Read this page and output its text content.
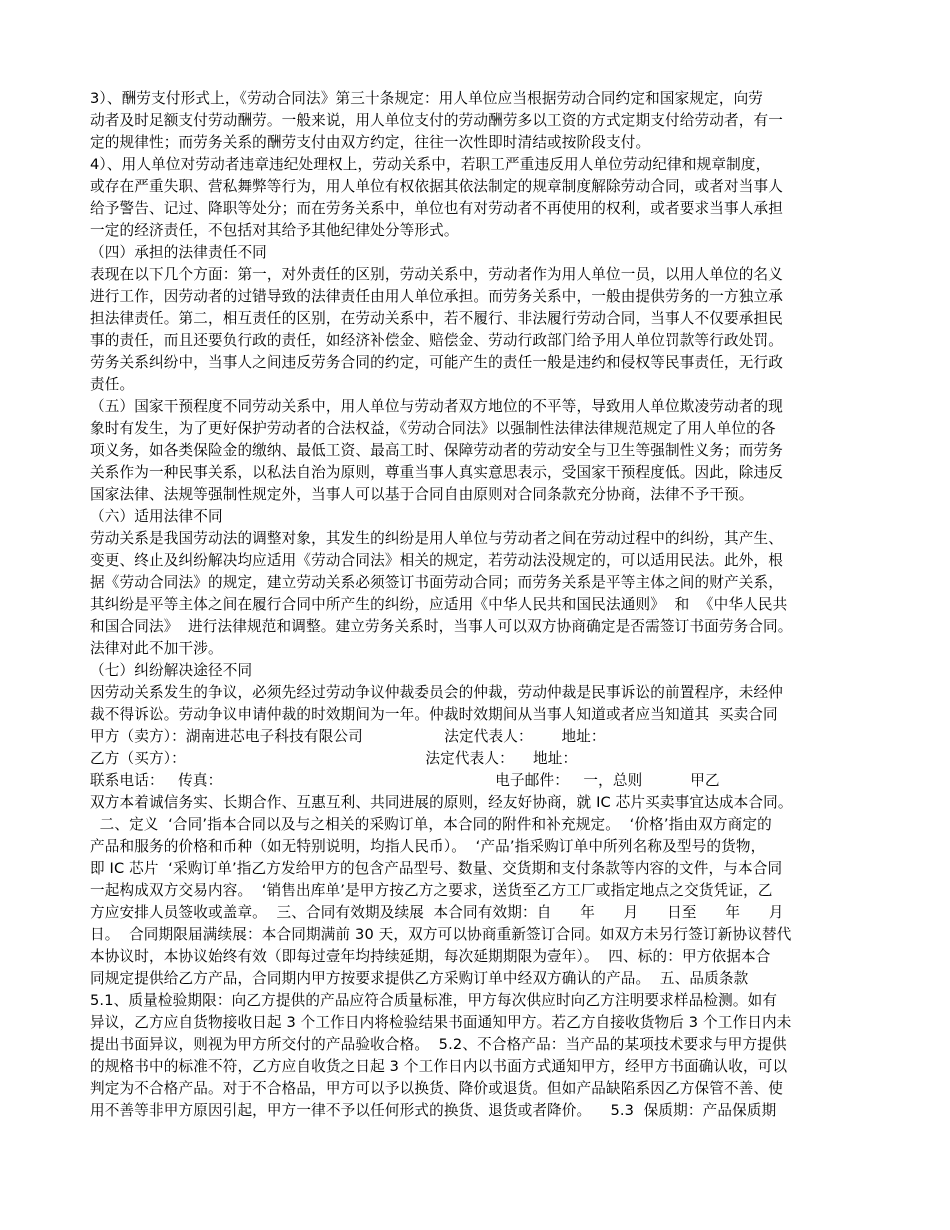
3）、酬劳支付形式上，《劳动合同法》第三十条规定：用人单位应当根据劳动合同约定和国家规定，向劳
动者及时足额支付劳动酬劳。一般来说，用人单位支付的劳动酬劳多以工资的方式定期支付给劳动者，有一
定的规律性；而劳务关系的酬劳支付由双方约定，往往一次性即时清结或按阶段支付。
4）、用人单位对劳动者违章违纪处理权上，劳动关系中，若职工严重违反用人单位劳动纪律和规章制度，
或存在严重失职、营私舞弊等行为，用人单位有权依据其依法制定的规章制度解除劳动合同，或者对当事人
给予警告、记过、降职等处分；而在劳务关系中，单位也有对劳动者不再使用的权利，或者要求当事人承担
一定的经济责任，不包括对其给予其他纪律处分等形式。
（四）承担的法律责任不同
表现在以下几个方面：第一，对外责任的区别，劳动关系中，劳动者作为用人单位一员，以用人单位的名义
进行工作，因劳动者的过错导致的法律责任由用人单位承担。而劳务关系中，一般由提供劳务的一方独立承
担法律责任。第二，相互责任的区别，在劳动关系中，若不履行、非法履行劳动合同，当事人不仅要承担民
事的责任，而且还要负行政的责任，如经济补偿金、赔偿金、劳动行政部门给予用人单位罚款等行政处罚。
劳务关系纠纷中，当事人之间违反劳务合同的约定，可能产生的责任一般是违约和侵权等民事责任，无行政
责任。
（五）国家干预程度不同劳动关系中，用人单位与劳动者双方地位的不平等，导致用人单位欺凌劳动者的现
象时有发生，为了更好保护劳动者的合法权益，《劳动合同法》以强制性法律法律规范规定了用人单位的各
项义务，如各类保险金的缴纳、最低工资、最高工时、保障劳动者的劳动安全与卫生等强制性义务；而劳务
关系作为一种民事关系，以私法自治为原则，尊重当事人真实意思表示，受国家干预程度低。因此，除违反
国家法律、法规等强制性规定外，当事人可以基于合同自由原则对合同条款充分协商，法律不予干预。
（六）适用法律不同
劳动关系是我国劳动法的调整对象，其发生的纠纷是用人单位与劳动者之间在劳动过程中的纠纷，其产生、
变更、终止及纠纷解决均应适用《劳动合同法》相关的规定，若劳动法没规定的，可以适用民法。此外，根
据《劳动合同法》的规定，建立劳动关系必须签订书面劳动合同；而劳务关系是平等主体之间的财产关系，
其纠纷是平等主体之间在履行合同中所产生的纠纷，应适用《中华人民共和国民法通则》  和  《中华人民共
和国合同法》  进行法律规范和调整。建立劳务关系时，当事人可以双方协商确定是否需签订书面劳务合同。
法律对此不加干涉。
（七）纠纷解决途径不同
因劳动关系发生的争议，必须先经过劳动争议仲裁委员会的仲裁，劳动仲裁是民事诉讼的前置程序，未经仲
裁不得诉讼。劳动争议申请仲裁的时效期间为一年。仲裁时效期间从当事人知道或者应当知道其  买卖合同
甲方（卖方）：湖南进芯电子科技有限公司                 法定代表人：      地址：
乙方（买方）：                                                  法定代表人：    地址：
联系电话：   传真：                                                         电子邮件：   一，总则          甲乙
双方本着诚信务实、长期合作、互惠互利、共同进展的原则，经友好协商，就 IC 芯片买卖事宜达成本合同。
二、定义  ‘合同’指本合同以及与之相关的采购订单，本合同的附件和补充规定。  ‘价格’指由双方商定的
产品和服务的价格和币种（如无特别说明，均指人民币）。  ‘产品’指采购订单中所列名称及型号的货物，
即 IC 芯片  ‘采购订单’指乙方发给甲方的包含产品型号、数量、交货期和支付条款等内容的文件，与本合同
一起构成双方交易内容。  ‘销售出库单’是甲方按乙方之要求，送货至乙方工厂或指定地点之交货凭证，乙
方应安排人员签收或盖章。  三、合同有效期及续展  本合同有效期：自      年      月      日至      年      月
日。  合同期限届满续展：本合同期满前 30 天，双方可以协商重新签订合同。如双方未另行签订新协议替代
本协议时，本协议始终有效（即每过壹年均持续延期，每次延期期限为壹年）。  四、标的：甲方依据本合
同规定提供给乙方产品，合同期内甲方按要求提供乙方采购订单中经双方确认的产品。  五、品质条款
5.1、质量检验期限：向乙方提供的产品应符合质量标准，甲方每次供应时向乙方注明要求样品检测。如有
异议，乙方应自货物接收日起 3 个工作日内将检验结果书面通知甲方。若乙方自接收货物后 3 个工作日内未
提出书面异议，则视为甲方所交付的产品验收合格。  5.2、不合格产品：当产品的某项技术要求与甲方提供
的规格书中的标准不符，乙方应自收货之日起 3 个工作日内以书面方式通知甲方，经甲方书面确认收，可以
判定为不合格产品。对于不合格品，甲方可以予以换货、降价或退货。但如产品缺陷系因乙方保管不善、使
用不善等非甲方原因引起，甲方一律不予以任何形式的换货、退货或者降价。    5.3  保质期：产品保质期
